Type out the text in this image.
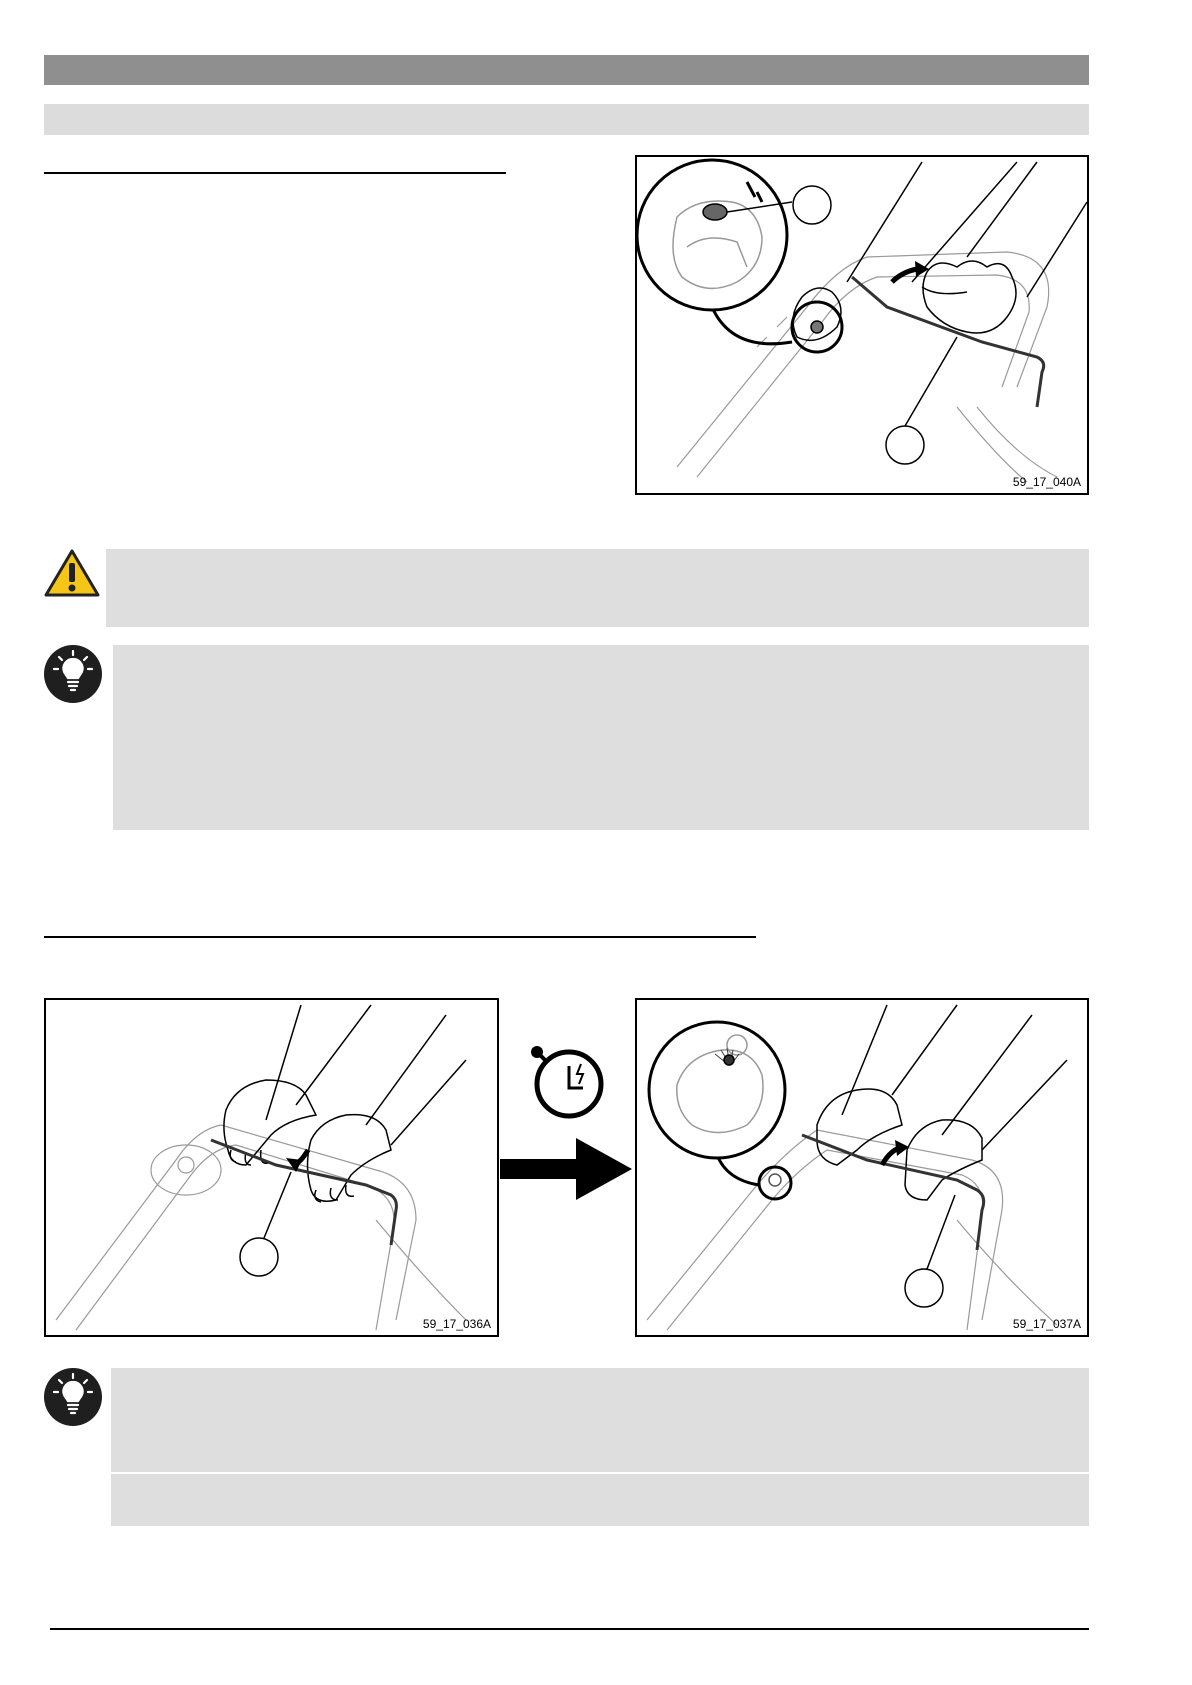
59_17_040A
59_17_036A	59_17_037A
